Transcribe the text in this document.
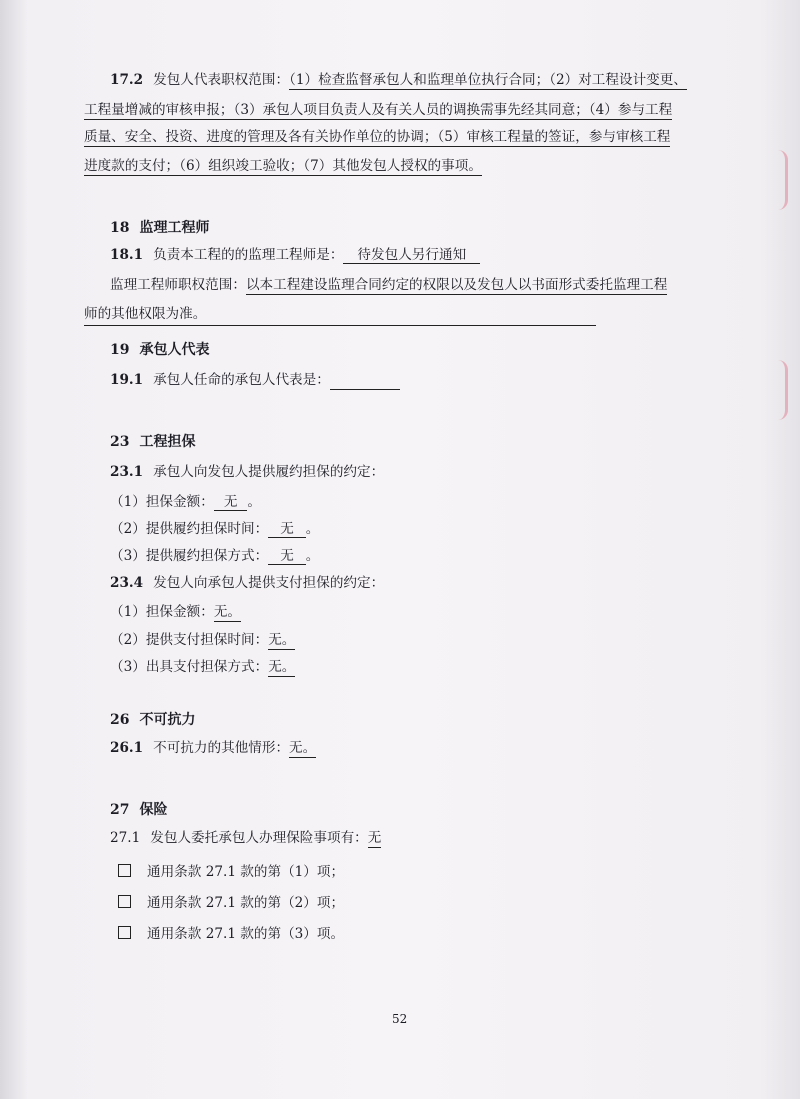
17.2 发包人代表职权范围：（1）检查监督承包人和监理单位执行合同；（2）对工程设计变更、
工程量增减的审核申报；（3）承包人项目负责人及有关人员的调换需事先经其同意；（4）参与工程
质量、安全、投资、进度的管理及各有关协作单位的协调；（5）审核工程量的签证，参与审核工程
进度款的支付；（6）组织竣工验收；（7）其他发包人授权的事项。
18 监理工程师
18.1 负责本工程的的监理工程师是： 待发包人另行通知
监理工程师职权范围：以本工程建设监理合同约定的权限以及发包人以书面形式委托监理工程
师的其他权限为准。
19 承包人代表
19.1 承包人任命的承包人代表是：
23 工程担保
23.1 承包人向发包人提供履约担保的约定：
（1）担保金额： 无 。
（2）提供履约担保时间： 无 。
（3）提供履约担保方式： 无 。
23.4 发包人向承包人提供支付担保的约定：
（1）担保金额：无。
（2）提供支付担保时间：无。
（3）出具支付担保方式：无。
26 不可抗力
26.1 不可抗力的其他情形：无。
27 保险
27.1 发包人委托承包人办理保险事项有：无
通用条款 27.1 款的第（1）项；
通用条款 27.1 款的第（2）项；
通用条款 27.1 款的第（3）项。
52
